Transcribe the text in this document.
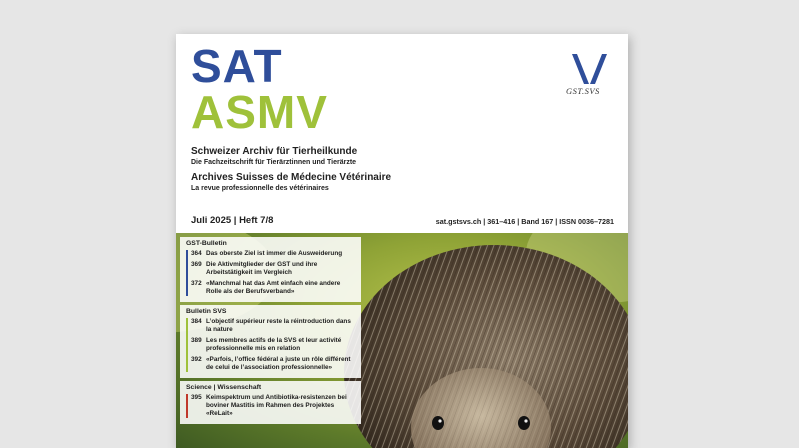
SAT
ASMV	GST.SVS
Schweizer Archiv für Tierheilkunde
Die Fachzeitschrift für Tierärztinnen und Tierärzte
Archives Suisses de Médecine Vétérinaire
La revue professionnelle des vétérinaires
Juli 2025 | Heft 7/8	sat.gstsvs.ch | 361–416 | Band 167 | ISSN 0036–7281
GST-Bulletin
364 Das oberste Ziel ist immer die Ausweiderung
369 Die Aktivmitglieder der GST und ihre Arbeitstätigkeit im Vergleich
372 «Manchmal hat das Amt einfach eine andere Rolle als der Berufsverband»
Bulletin SVS
384 L’objectif supérieur reste la réintroduction dans la nature
389 Les membres actifs de la SVS et leur activité professionnelle mis en relation
392 «Parfois, l’office fédéral a juste un rôle différent de celui de l’association professionnelle»
Science | Wissenschaft
395 Keimspektrum und Antibiotika-resistenzen bei boviner Mastitis im Rahmen des Projektes «ReLait»
